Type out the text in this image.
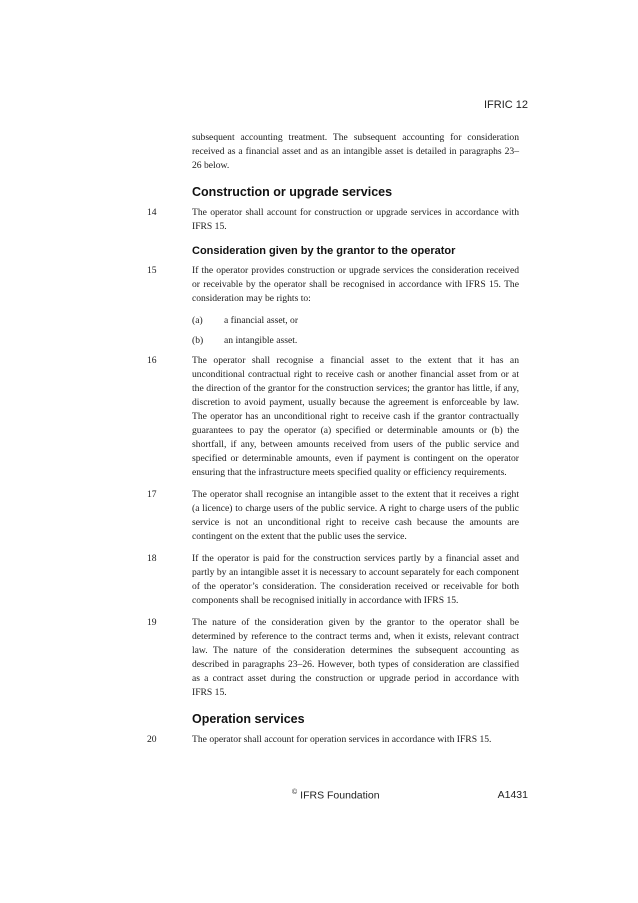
IFRIC 12

subsequent accounting treatment. The subsequent accounting for consideration received as a financial asset and as an intangible asset is detailed in paragraphs 23–26 below.

Construction or upgrade services
14	The operator shall account for construction or upgrade services in accordance with IFRS 15.
Consideration given by the grantor to the operator
15	If the operator provides construction or upgrade services the consideration received or receivable by the operator shall be recognised in accordance with IFRS 15. The consideration may be rights to:
(a) a financial asset, or
(b) an intangible asset.
16	The operator shall recognise a financial asset to the extent that it has an unconditional contractual right to receive cash or another financial asset from or at the direction of the grantor for the construction services; the grantor has little, if any, discretion to avoid payment, usually because the agreement is enforceable by law. The operator has an unconditional right to receive cash if the grantor contractually guarantees to pay the operator (a) specified or determinable amounts or (b) the shortfall, if any, between amounts received from users of the public service and specified or determinable amounts, even if payment is contingent on the operator ensuring that the infrastructure meets specified quality or efficiency requirements.
17	The operator shall recognise an intangible asset to the extent that it receives a right (a licence) to charge users of the public service. A right to charge users of the public service is not an unconditional right to receive cash because the amounts are contingent on the extent that the public uses the service.
18	If the operator is paid for the construction services partly by a financial asset and partly by an intangible asset it is necessary to account separately for each component of the operator’s consideration. The consideration received or receivable for both components shall be recognised initially in accordance with IFRS 15.
19	The nature of the consideration given by the grantor to the operator shall be determined by reference to the contract terms and, when it exists, relevant contract law. The nature of the consideration determines the subsequent accounting as described in paragraphs 23–26. However, both types of consideration are classified as a contract asset during the construction or upgrade period in accordance with IFRS 15.
Operation services
20	The operator shall account for operation services in accordance with IFRS 15.
© IFRS Foundation	A1431
